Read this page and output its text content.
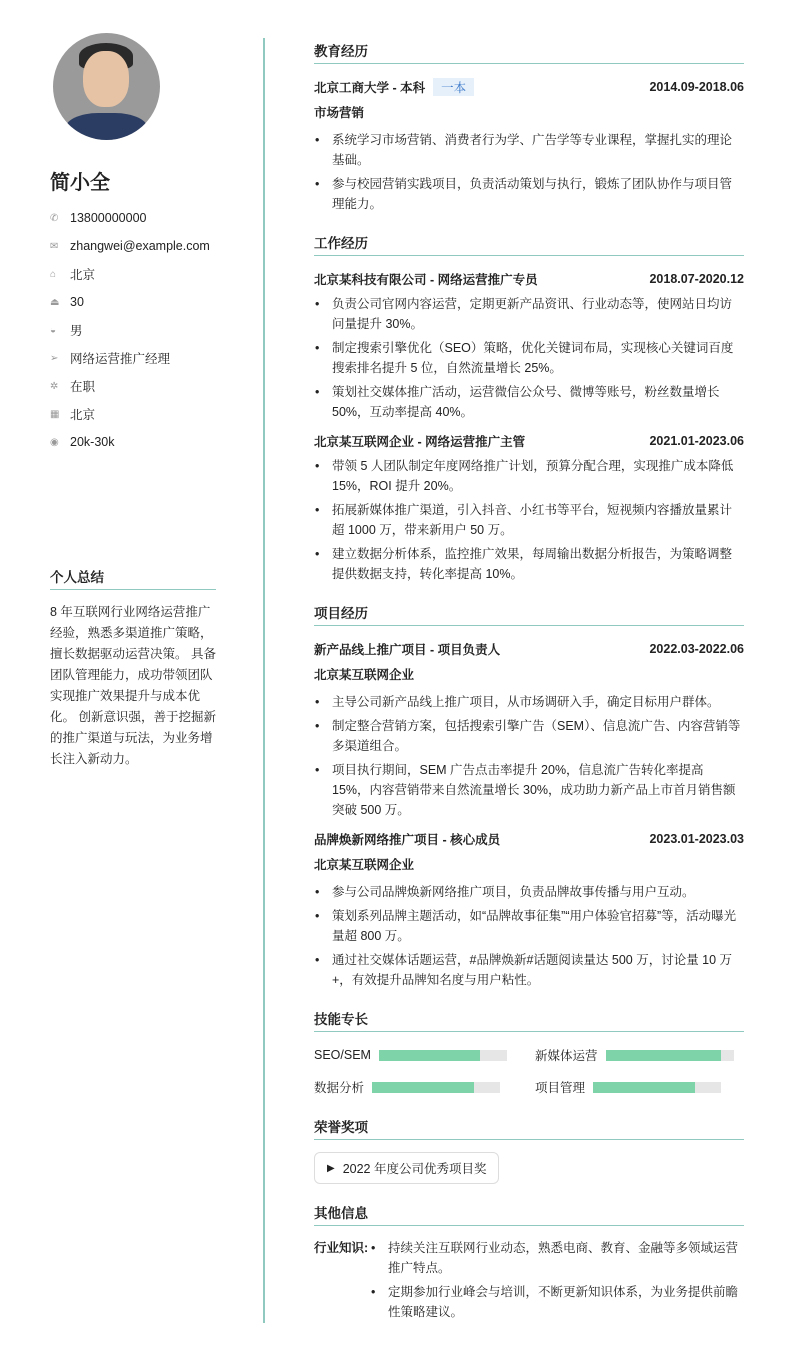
简小全
✆ 13800000000
✉ zhangwei@example.com
⌂	北京
⏏ 30
◒	男
➢ 网络运营推广经理
✲ 在职
▦ 北京
◉ 20k-30k
个人总结
8 年互联网行业网络运营推广经验，熟悉多渠道推广策略，擅长数据驱动运营决策。 具备团队管理能力，成功带领团队实现推广效果提升与成本优化。 创新意识强，善于挖掘新的推广渠道与玩法，为业务增长注入新动力。
教育经历
北京工商大学 - 本科 一本	2014.09-2018.06
市场营销
• 系统学习市场营销、消费者行为学、广告学等专业课程，掌握扎实的理论基础。
• 参与校园营销实践项目，负责活动策划与执行，锻炼了团队协作与项目管理能力。
工作经历
北京某科技有限公司 - 网络运营推广专员	2018.07-2020.12
• 负责公司官网内容运营，定期更新产品资讯、行业动态等，使网站日均访问量提升 30%。
• 制定搜索引擎优化（SEO）策略，优化关键词布局，实现核心关键词百度搜索排名提升 5 位，自然流量增长 25%。
• 策划社交媒体推广活动，运营微信公众号、微博等账号，粉丝数量增长 50%，互动率提高 40%。
北京某互联网企业 - 网络运营推广主管	2021.01-2023.06
• 带领 5 人团队制定年度网络推广计划，预算分配合理，实现推广成本降低 15%，ROI 提升 20%。
• 拓展新媒体推广渠道，引入抖音、小红书等平台，短视频内容播放量累计超 1000 万，带来新用户 50 万。
• 建立数据分析体系，监控推广效果，每周输出数据分析报告，为策略调整提供数据支持，转化率提高 10%。
项目经历
新产品线上推广项目 - 项目负责人	2022.03-2022.06
北京某互联网企业
• 主导公司新产品线上推广项目，从市场调研入手，确定目标用户群体。
• 制定整合营销方案，包括搜索引擎广告（SEM）、信息流广告、内容营销等多渠道组合。
• 项目执行期间，SEM 广告点击率提升 20%，信息流广告转化率提高 15%，内容营销带来自然流量增长 30%，成功助力新产品上市首月销售额突破 500 万。
品牌焕新网络推广项目 - 核心成员	2023.01-2023.03
北京某互联网企业
• 参与公司品牌焕新网络推广项目，负责品牌故事传播与用户互动。
• 策划系列品牌主题活动，如“品牌故事征集”“用户体验官招募”等，活动曝光量超 800 万。
• 通过社交媒体话题运营，#品牌焕新#话题阅读量达 500 万，讨论量 10 万+，有效提升品牌知名度与用户粘性。
技能专长
SEO/SEM	新媒体运营
数据分析	项目管理
荣誉奖项
▶ 2022 年度公司优秀项目奖
其他信息
行业知识:	• 持续关注互联网行业动态，熟悉电商、教育、金融等多领域运营推广特点。
• 定期参加行业峰会与培训，不断更新知识体系，为业务提供前瞻性策略建议。
